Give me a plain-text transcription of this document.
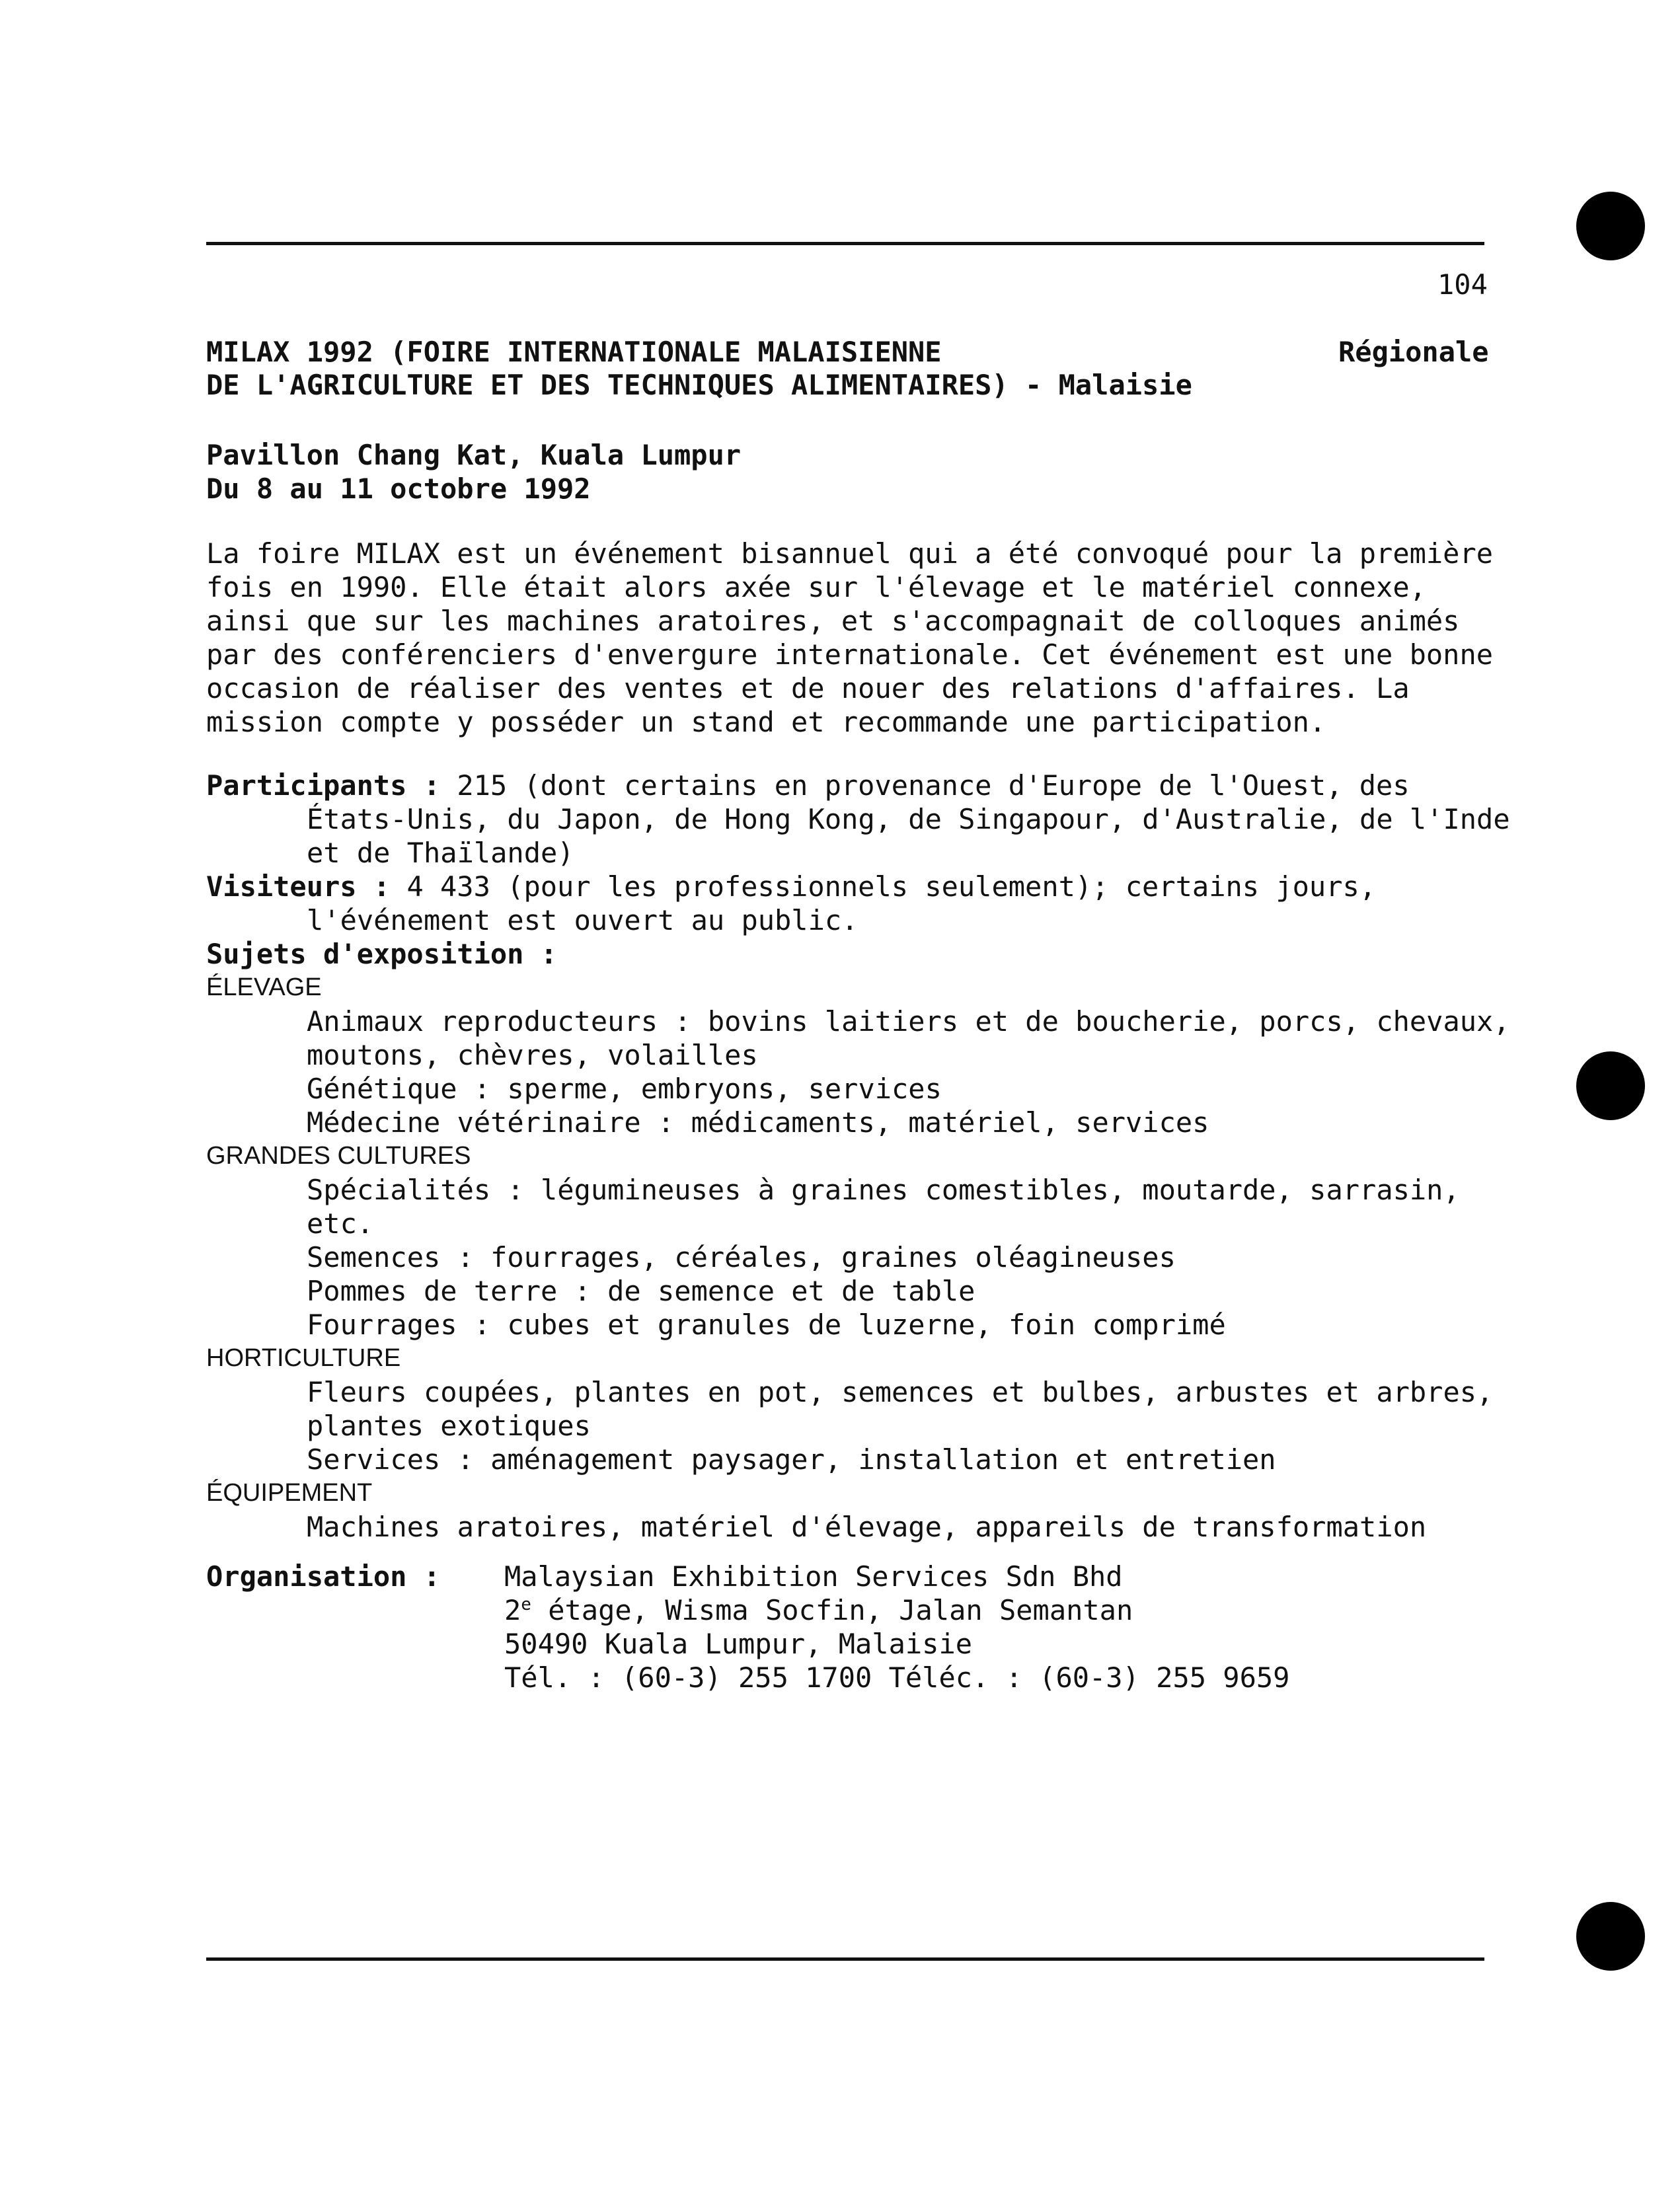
104
MILAX 1992 (FOIRE INTERNATIONALE MALAISIENNE	Régionale
DE L'AGRICULTURE ET DES TECHNIQUES ALIMENTAIRES) - Malaisie
Pavillon Chang Kat, Kuala Lumpur
Du 8 au 11 octobre 1992
La foire MILAX est un événement bisannuel qui a été convoqué pour la première
fois en 1990. Elle était alors axée sur l'élevage et le matériel connexe,
ainsi que sur les machines aratoires, et s'accompagnait de colloques animés
par des conférenciers d'envergure internationale. Cet événement est une bonne
occasion de réaliser des ventes et de nouer des relations d'affaires. La
mission compte y posséder un stand et recommande une participation.
Participants : 215 (dont certains en provenance d'Europe de l'Ouest, des
États-Unis, du Japon, de Hong Kong, de Singapour, d'Australie, de l'Inde
et de Thaïlande)
Visiteurs : 4 433 (pour les professionnels seulement); certains jours,
l'événement est ouvert au public.
Sujets d'exposition :
ÉLEVAGE
Animaux reproducteurs : bovins laitiers et de boucherie, porcs, chevaux,
moutons, chèvres, volailles
Génétique : sperme, embryons, services
Médecine vétérinaire : médicaments, matériel, services
GRANDES CULTURES
Spécialités : légumineuses à graines comestibles, moutarde, sarrasin,
etc.
Semences : fourrages, céréales, graines oléagineuses
Pommes de terre : de semence et de table
Fourrages : cubes et granules de luzerne, foin comprimé
HORTICULTURE
Fleurs coupées, plantes en pot, semences et bulbes, arbustes et arbres,
plantes exotiques
Services : aménagement paysager, installation et entretien
ÉQUIPEMENT
Machines aratoires, matériel d'élevage, appareils de transformation
Organisation : Malaysian Exhibition Services Sdn Bhd
2e étage, Wisma Socfin, Jalan Semantan
50490 Kuala Lumpur, Malaisie
Tél. : (60-3) 255 1700 Téléc. : (60-3) 255 9659
